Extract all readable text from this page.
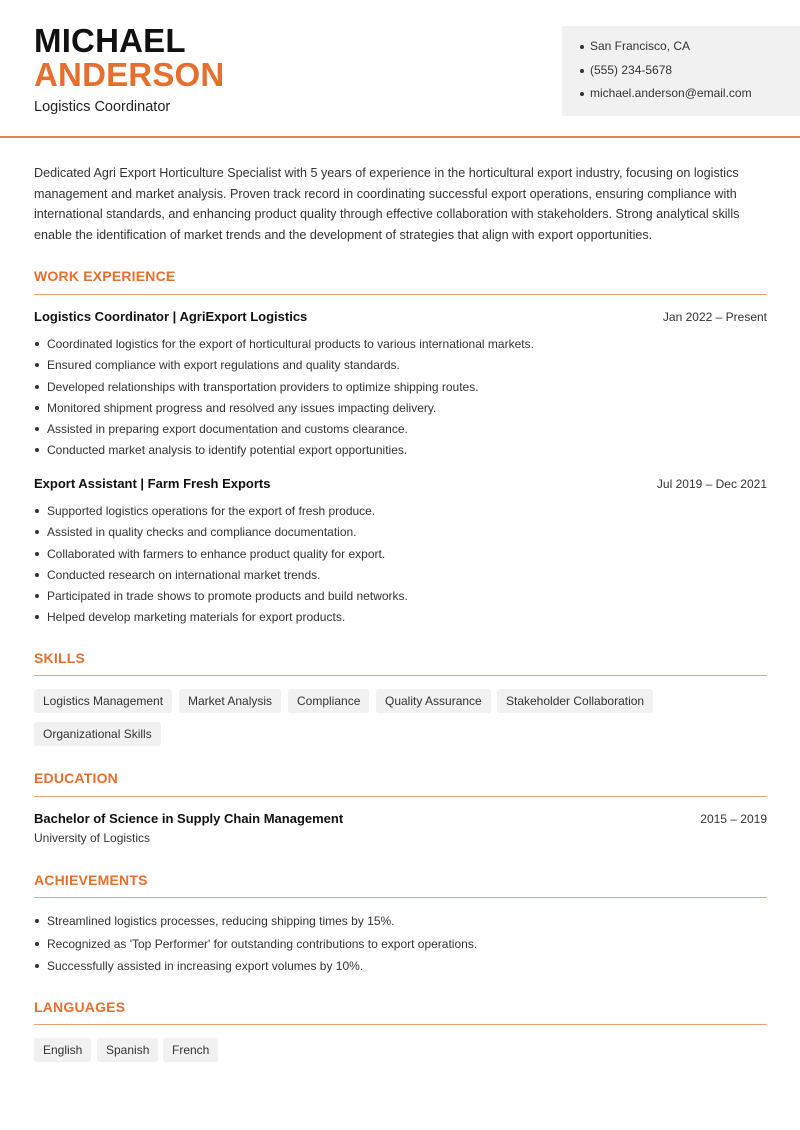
MICHAEL
ANDERSON
Logistics Coordinator
San Francisco, CA
(555) 234-5678
michael.anderson@email.com

Dedicated Agri Export Horticulture Specialist with 5 years of experience in the horticultural export industry, focusing on logistics management and market analysis. Proven track record in coordinating successful export operations, ensuring compliance with international standards, and enhancing product quality through effective collaboration with stakeholders. Strong analytical skills enable the identification of market trends and the development of strategies that align with export opportunities.

WORK EXPERIENCE
Logistics Coordinator | AgriExport Logistics	Jan 2022 – Present
Coordinated logistics for the export of horticultural products to various international markets.
Ensured compliance with export regulations and quality standards.
Developed relationships with transportation providers to optimize shipping routes.
Monitored shipment progress and resolved any issues impacting delivery.
Assisted in preparing export documentation and customs clearance.
Conducted market analysis to identify potential export opportunities.
Export Assistant | Farm Fresh Exports	Jul 2019 – Dec 2021
Supported logistics operations for the export of fresh produce.
Assisted in quality checks and compliance documentation.
Collaborated with farmers to enhance product quality for export.
Conducted research on international market trends.
Participated in trade shows to promote products and build networks.
Helped develop marketing materials for export products.
SKILLS
Logistics Management	Market Analysis	Compliance	Quality Assurance	Stakeholder Collaboration
Organizational Skills
EDUCATION
Bachelor of Science in Supply Chain Management	2015 – 2019
University of Logistics
ACHIEVEMENTS
Streamlined logistics processes, reducing shipping times by 15%.
Recognized as 'Top Performer' for outstanding contributions to export operations.
Successfully assisted in increasing export volumes by 10%.
LANGUAGES
English	Spanish	French
